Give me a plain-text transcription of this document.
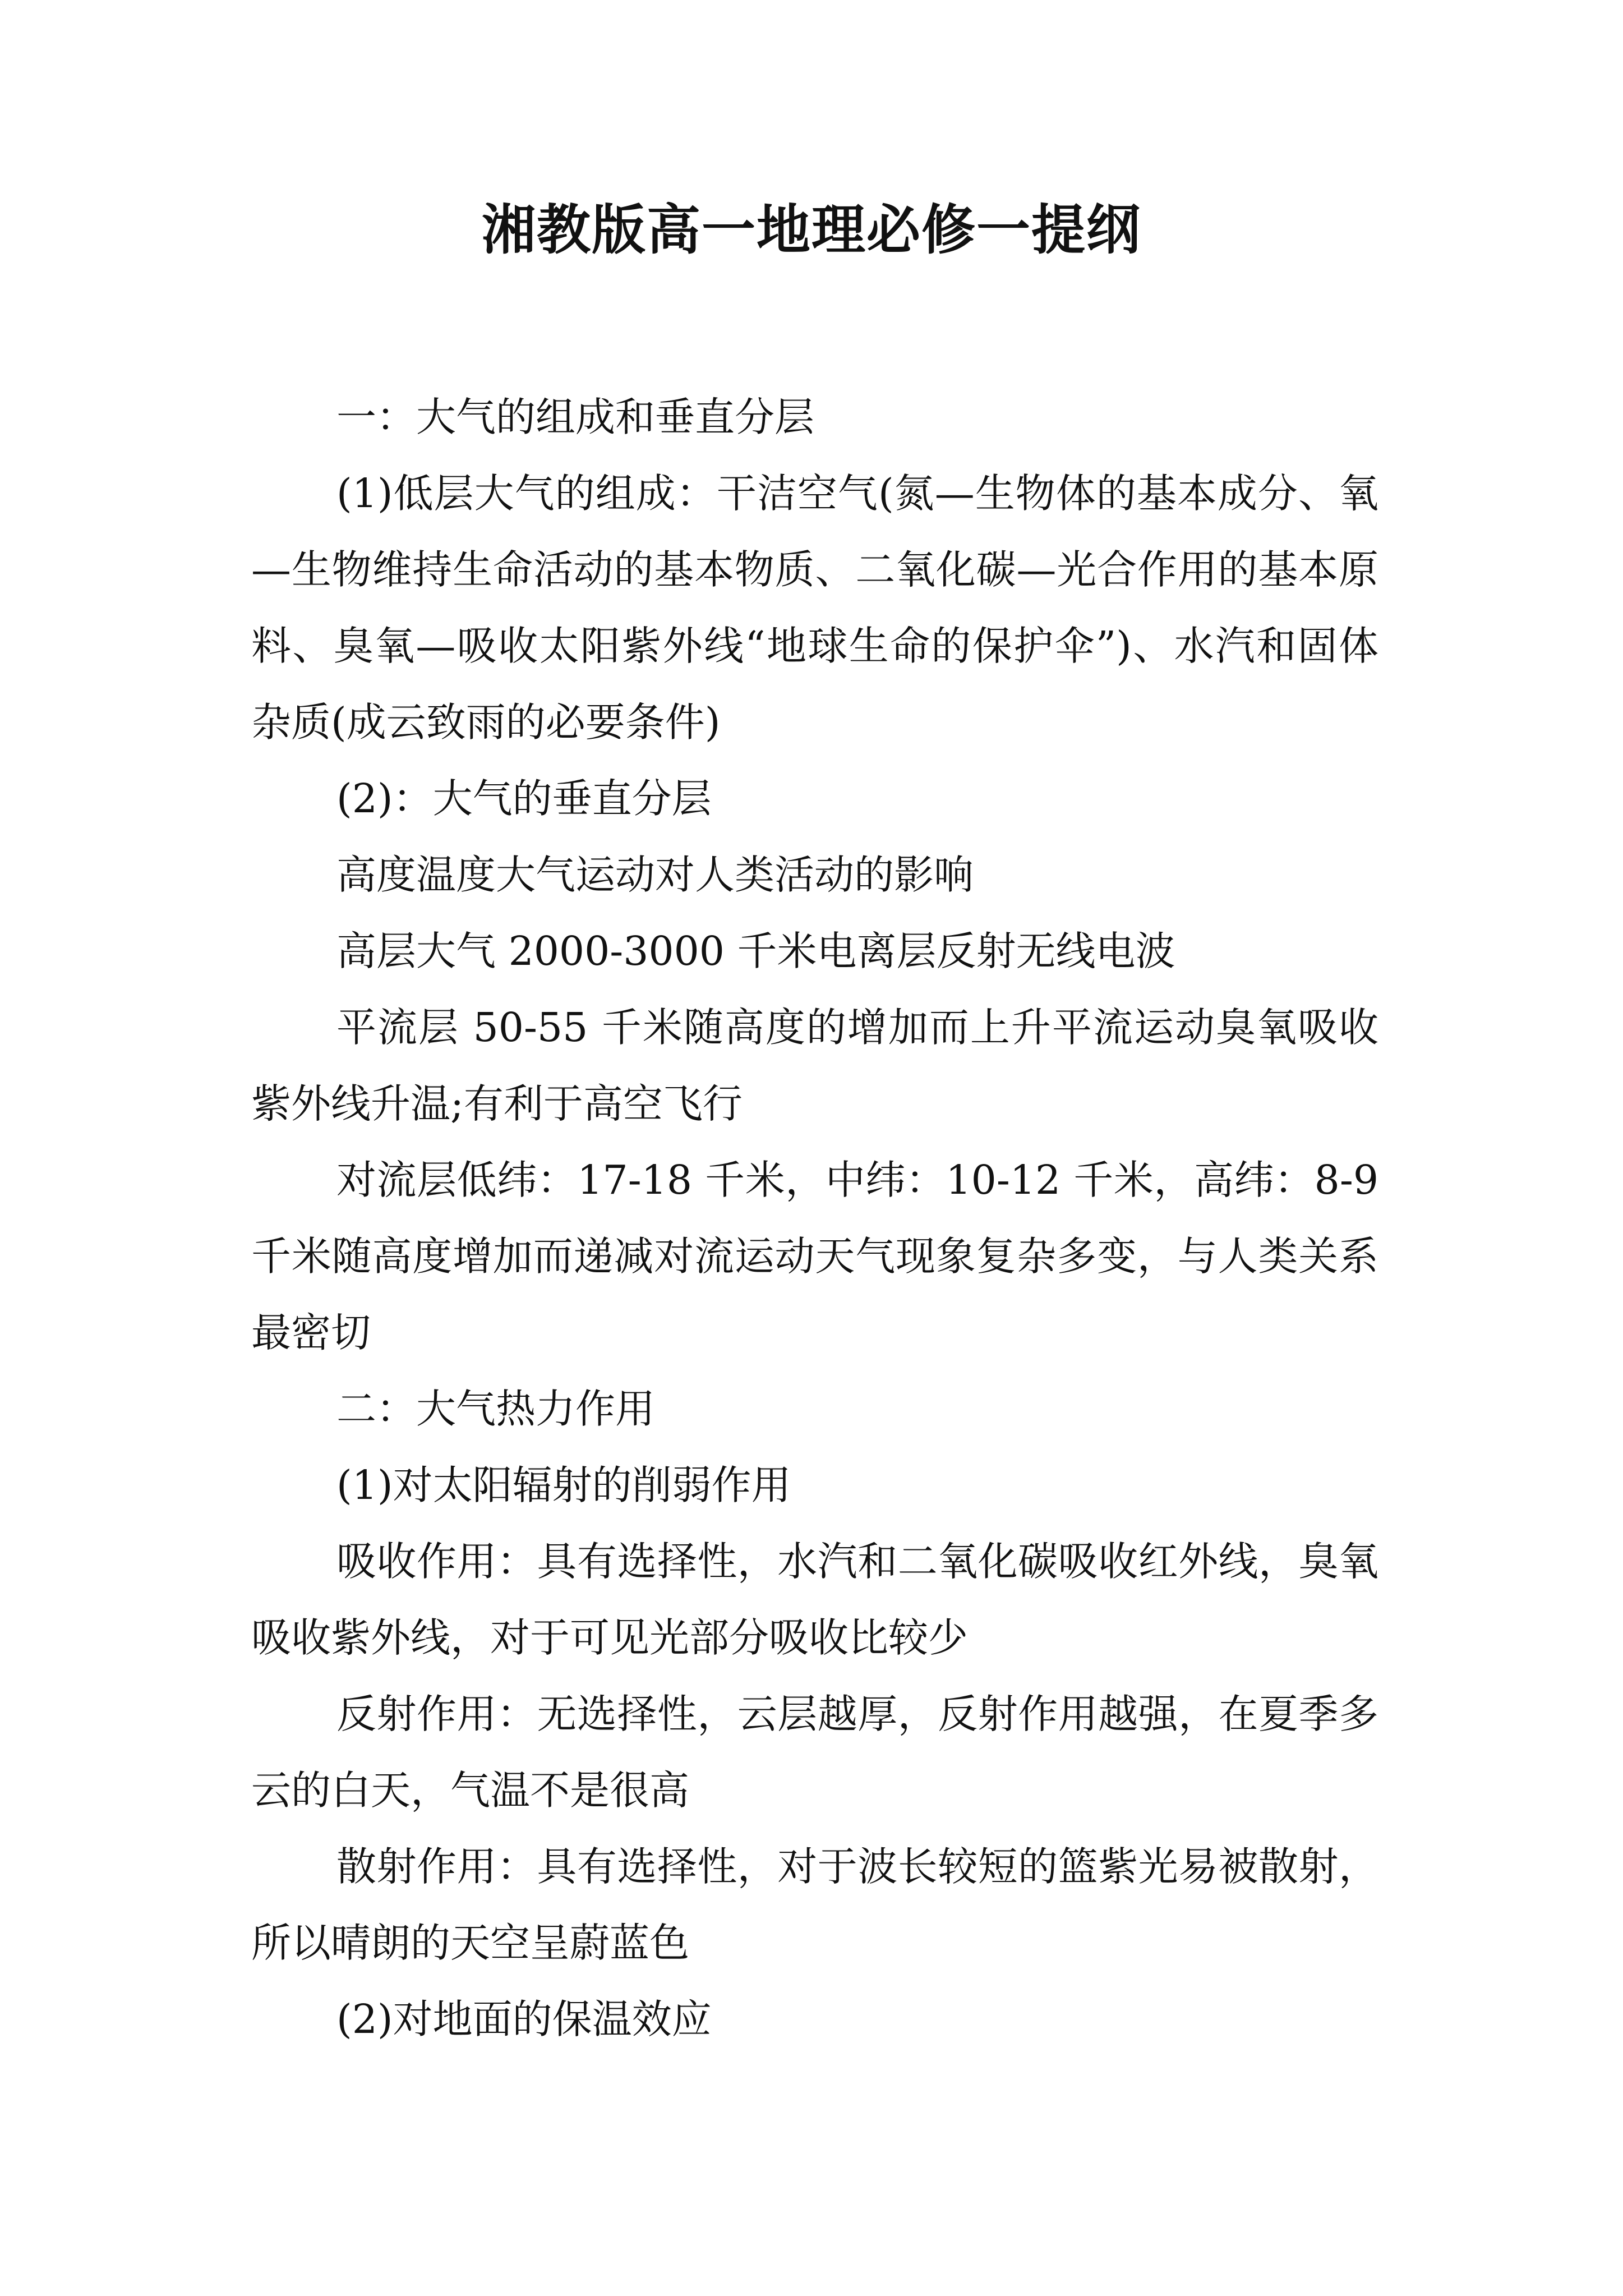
湘教版高一地理必修一提纲

一：大气的组成和垂直分层

(1)低层大气的组成：干洁空气(氮—生物体的基本成分、氧—生物维持生命活动的基本物质、二氧化碳—光合作用的基本原料、臭氧—吸收太阳紫外线“地球生命的保护伞”)、水汽和固体杂质(成云致雨的必要条件)

(2)：大气的垂直分层

高度温度大气运动对人类活动的影响

高层大气 2000-3000 千米电离层反射无线电波

平流层 50-55 千米随高度的增加而上升平流运动臭氧吸收紫外线升温;有利于高空飞行

对流层低纬：17-18 千米，中纬：10-12 千米，高纬：8-9 千米随高度增加而递减对流运动天气现象复杂多变，与人类关系最密切

二：大气热力作用

(1)对太阳辐射的削弱作用

吸收作用：具有选择性，水汽和二氧化碳吸收红外线，臭氧吸收紫外线，对于可见光部分吸收比较少

反射作用：无选择性，云层越厚，反射作用越强，在夏季多云的白天，气温不是很高

散射作用：具有选择性，对于波长较短的篮紫光易被散射，所以晴朗的天空呈蔚蓝色

(2)对地面的保温效应
